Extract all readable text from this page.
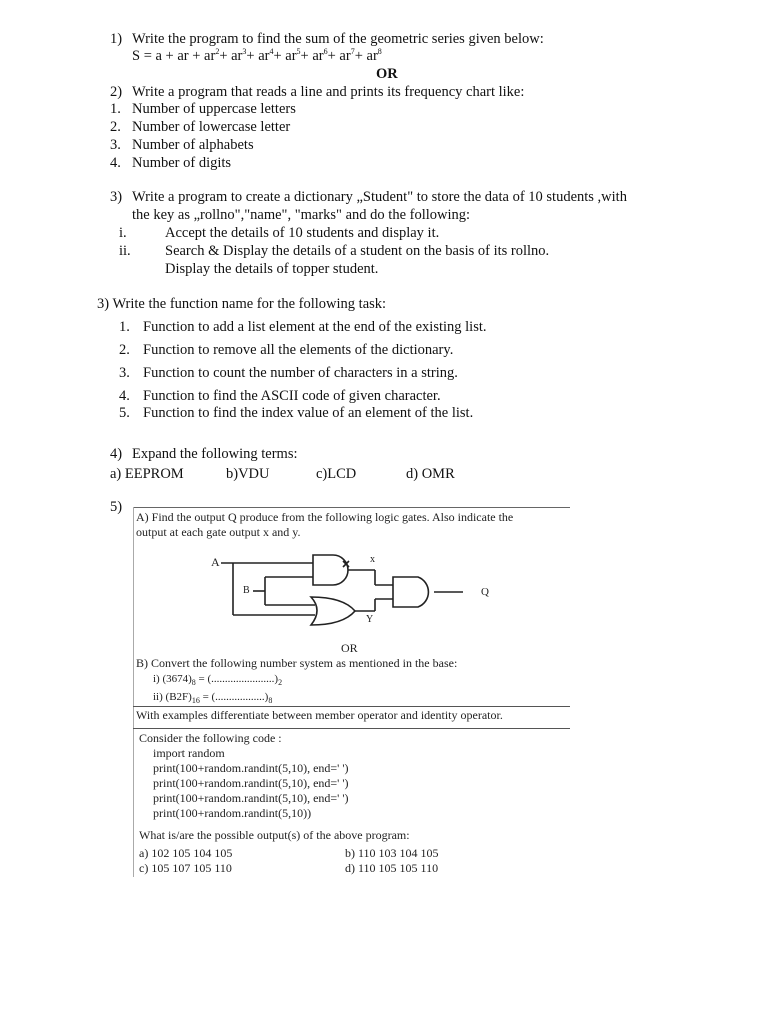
1) Write the program to find the sum of the geometric series given below:
S = a + ar + $ar^2+ ar^3+ ar^4+ ar^5+ ar^6+ ar^7+ ar^8$
OR
2) Write a program that reads a line and prints its frequency chart like:
1. Number of uppercase letters
2. Number of lowercase letter
3. Number of alphabets
4. Number of digits
3) Write a program to create a dictionary „Student" to store the data of 10 students ,with
the key as „rollno","name", "marks" and do the following:
i.	Accept the details of 10 students and display it.
ii. Search & Display the details of a student on the basis of its rollno.
Display the details of topper student.
3) Write the function name for the following task:
1. Function to add a list element at the end of the existing list.
2. Function to remove all the elements of the dictionary.
3. Function to count the number of characters in a string.
4. Function to find the ASCII code of given character.
5. Function to find the index value of an element of the list.
4) Expand the following terms:
a) EEPROM	b)VDU	c)LCD	d) OMR
5)
A) Find the output Q produce from the following logic gates. Also indicate the
output at each gate output x and y.
A
B
x
Y
Q
OR
B) Convert the following number system as mentioned in the base:
i) $(3674)_8 = (.......................)_2$
ii) $(B2F)_{16} = (..................)_8$
With examples differentiate between member operator and identity operator.
Consider the following code :
import random
print(100+random.randint(5,10), end=' ')
print(100+random.randint(5,10), end=' ')
print(100+random.randint(5,10), end=' ')
print(100+random.randint(5,10))
What is/are the possible output(s) of the above program:
a) 102 105 104 105	b) 110 103 104 105
c) 105 107 105 110	d) 110 105 105 110
